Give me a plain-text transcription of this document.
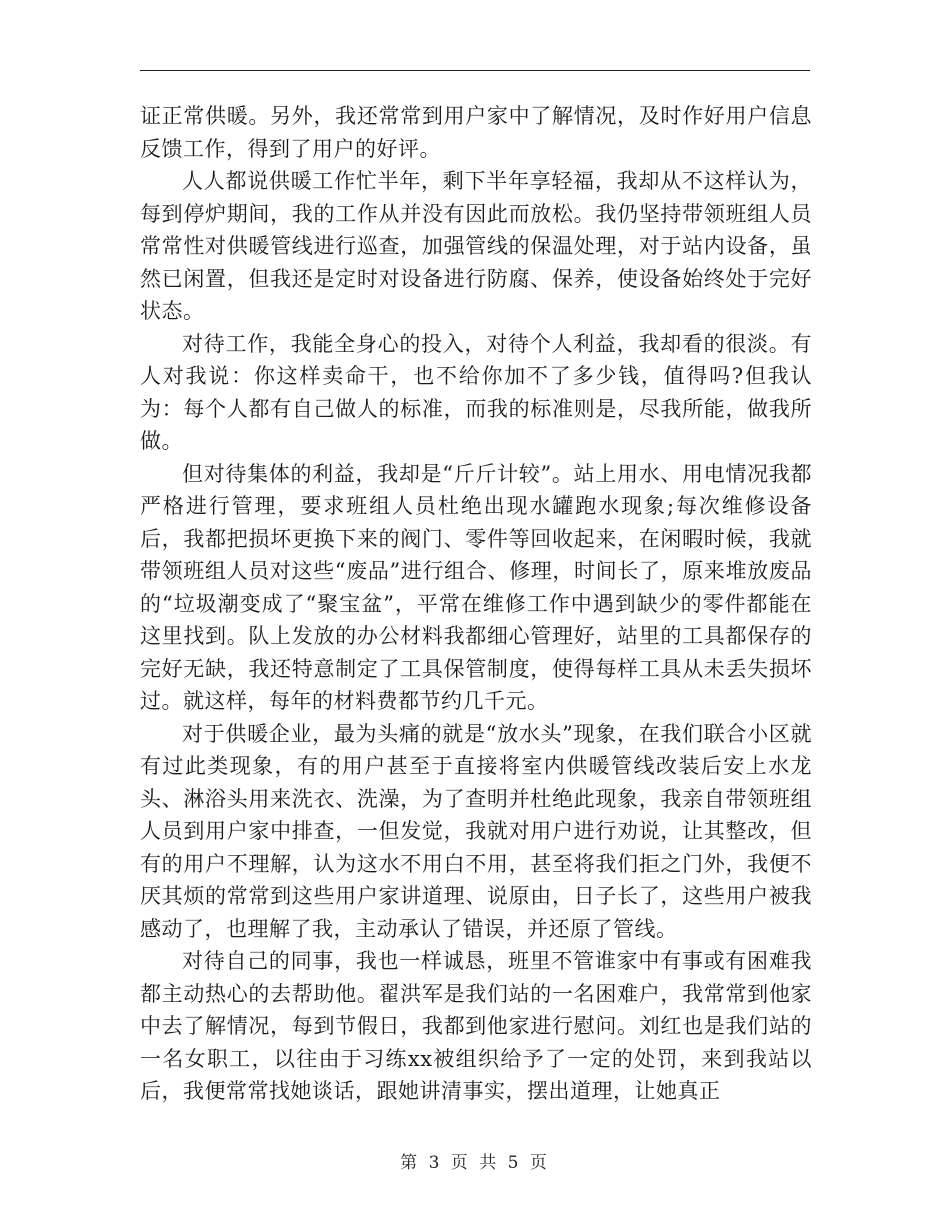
证正常供暖。另外，我还常常到用户家中了解情况，及时作好用户信息反馈工作，得到了用户的好评。

人人都说供暖工作忙半年，剩下半年享轻福，我却从不这样认为，每到停炉期间，我的工作从并没有因此而放松。我仍坚持带领班组人员常常性对供暖管线进行巡查，加强管线的保温处理，对于站内设备，虽然已闲置，但我还是定时对设备进行防腐、保养，使设备始终处于完好状态。

对待工作，我能全身心的投入，对待个人利益，我却看的很淡。有人对我说：你这样卖命干，也不给你加不了多少钱，值得吗?但我认为：每个人都有自己做人的标准，而我的标准则是，尽我所能，做我所做。

但对待集体的利益，我却是“斤斤计较”。站上用水、用电情况我都严格进行管理，要求班组人员杜绝出现水罐跑水现象;每次维修设备后，我都把损坏更换下来的阀门、零件等回收起来，在闲暇时候，我就带领班组人员对这些“废品”进行组合、修理，时间长了，原来堆放废品的“垃圾潮变成了“聚宝盆”，平常在维修工作中遇到缺少的零件都能在这里找到。队上发放的办公材料我都细心管理好，站里的工具都保存的完好无缺，我还特意制定了工具保管制度，使得每样工具从未丢失损坏过。就这样，每年的材料费都节约几千元。

对于供暖企业，最为头痛的就是“放水头”现象，在我们联合小区就有过此类现象，有的用户甚至于直接将室内供暖管线改装后安上水龙头、淋浴头用来洗衣、洗澡，为了查明并杜绝此现象，我亲自带领班组人员到用户家中排查，一但发觉，我就对用户进行劝说，让其整改，但有的用户不理解，认为这水不用白不用，甚至将我们拒之门外，我便不厌其烦的常常到这些用户家讲道理、说原由，日子长了，这些用户被我感动了，也理解了我，主动承认了错误，并还原了管线。

对待自己的同事，我也一样诚恳，班里不管谁家中有事或有困难我都主动热心的去帮助他。翟洪军是我们站的一名困难户，我常常到他家中去了解情况，每到节假日，我都到他家进行慰问。刘红也是我们站的一名女职工，以往由于习练xx被组织给予了一定的处罚，来到我站以后，我便常常找她谈话，跟她讲清事实，摆出道理，让她真正

第 3 页 共 5 页
